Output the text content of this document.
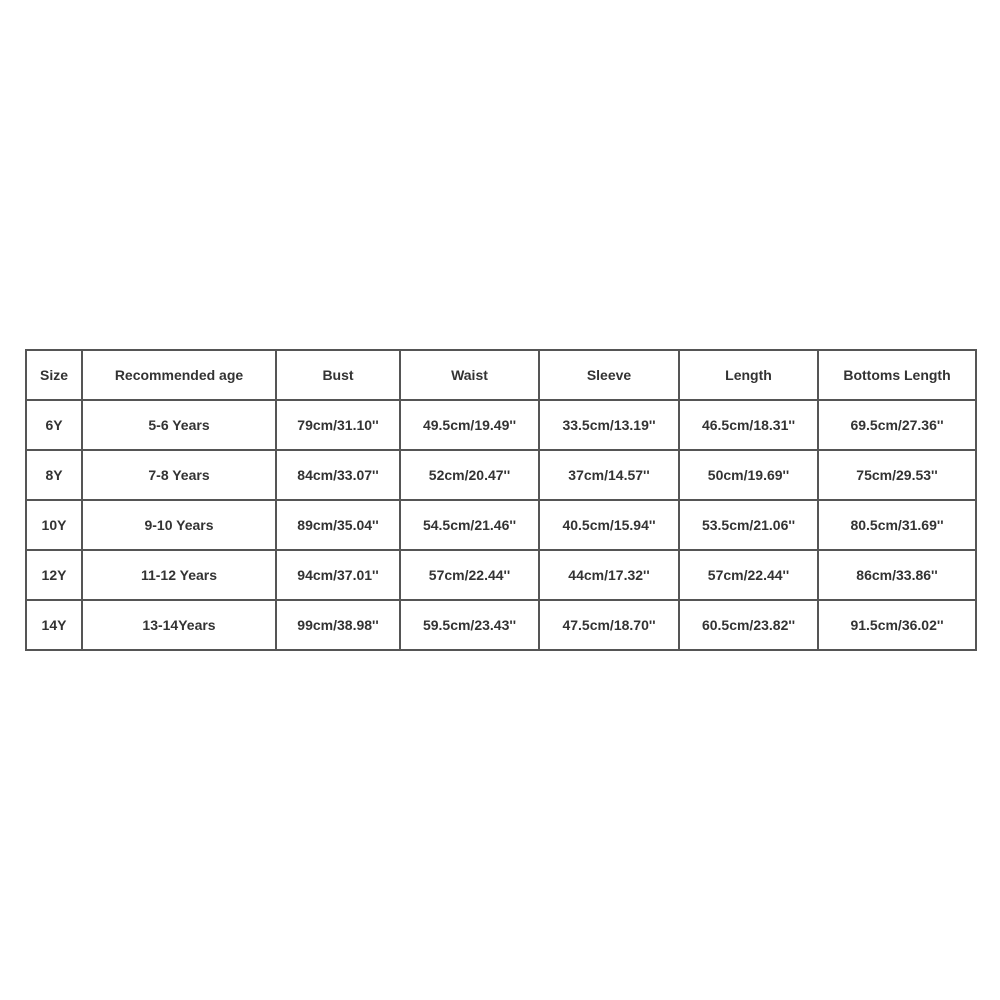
Size	Recommended age	Bust	Waist	Sleeve	Length	Bottoms Length
6Y	5-6 Years	79cm/31.10''	49.5cm/19.49''	33.5cm/13.19''	46.5cm/18.31''	69.5cm/27.36''
8Y	7-8 Years	84cm/33.07''	52cm/20.47''	37cm/14.57''	50cm/19.69''	75cm/29.53''
10Y	9-10 Years	89cm/35.04''	54.5cm/21.46''	40.5cm/15.94''	53.5cm/21.06''	80.5cm/31.69''
12Y	11-12 Years	94cm/37.01''	57cm/22.44''	44cm/17.32''	57cm/22.44''	86cm/33.86''
14Y	13-14Years	99cm/38.98''	59.5cm/23.43''	47.5cm/18.70''	60.5cm/23.82''	91.5cm/36.02''
